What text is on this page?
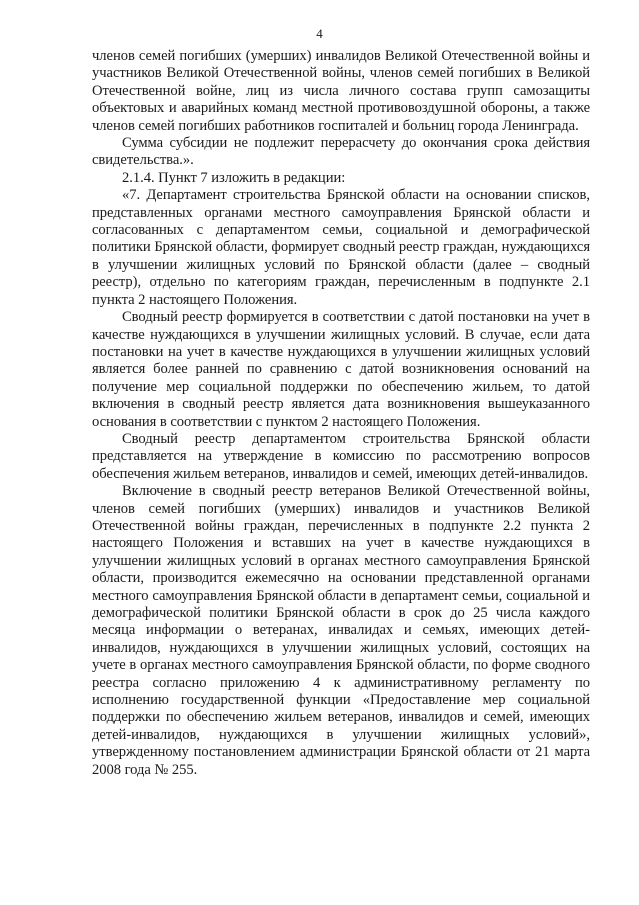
4

членов семей погибших (умерших) инвалидов Великой Отечественной войны и участников Великой Отечественной войны, членов семей погибших в Великой Отечественной войне, лиц из числа личного состава групп самозащиты объектовых и аварийных команд местной противовоздушной обороны, а также членов семей погибших работников госпиталей и больниц города Ленинграда.

Сумма субсидии не подлежит перерасчету до окончания срока действия свидетельства.».

2.1.4. Пункт 7 изложить в редакции:

«7. Департамент строительства Брянской области на основании списков, представленных органами местного самоуправления Брянской области и согласованных с департаментом семьи, социальной и демографической политики Брянской области, формирует сводный реестр граждан, нуждающихся в улучшении жилищных условий по Брянской области (далее – сводный реестр), отдельно по категориям граждан, перечисленным в подпункте 2.1 пункта 2 настоящего Положения.

Сводный реестр формируется в соответствии с датой постановки на учет в качестве нуждающихся в улучшении жилищных условий. В случае, если дата постановки на учет в качестве нуждающихся в улучшении жилищных условий является более ранней по сравнению с датой возникновения оснований на получение мер социальной поддержки по обеспечению жильем, то датой включения в сводный реестр является дата возникновения вышеуказанного основания в соответствии с пунктом 2 настоящего Положения.

Сводный реестр департаментом строительства Брянской области представляется на утверждение в комиссию по рассмотрению вопросов обеспечения жильем ветеранов, инвалидов и семей, имеющих детей-инвалидов.

Включение в сводный реестр ветеранов Великой Отечественной войны, членов семей погибших (умерших) инвалидов и участников Великой Отечественной войны граждан, перечисленных в подпункте 2.2 пункта 2 настоящего Положения и вставших на учет в качестве нуждающихся в улучшении жилищных условий в органах местного самоуправления Брянской области, производится ежемесячно на основании представленной органами местного самоуправления Брянской области в департамент семьи, социальной и демографической политики Брянской области в срок до 25 числа каждого месяца информации о ветеранах, инвалидах и семьях, имеющих детей-инвалидов, нуждающихся в улучшении жилищных условий, состоящих на учете в органах местного самоуправления Брянской области, по форме сводного реестра согласно приложению 4 к административному регламенту по исполнению государственной функции «Предоставление мер социальной поддержки по обеспечению жильем ветеранов, инвалидов и семей, имеющих детей-инвалидов, нуждающихся в улучшении жилищных условий», утвержденному постановлением администрации Брянской области от 21 марта 2008 года № 255.
